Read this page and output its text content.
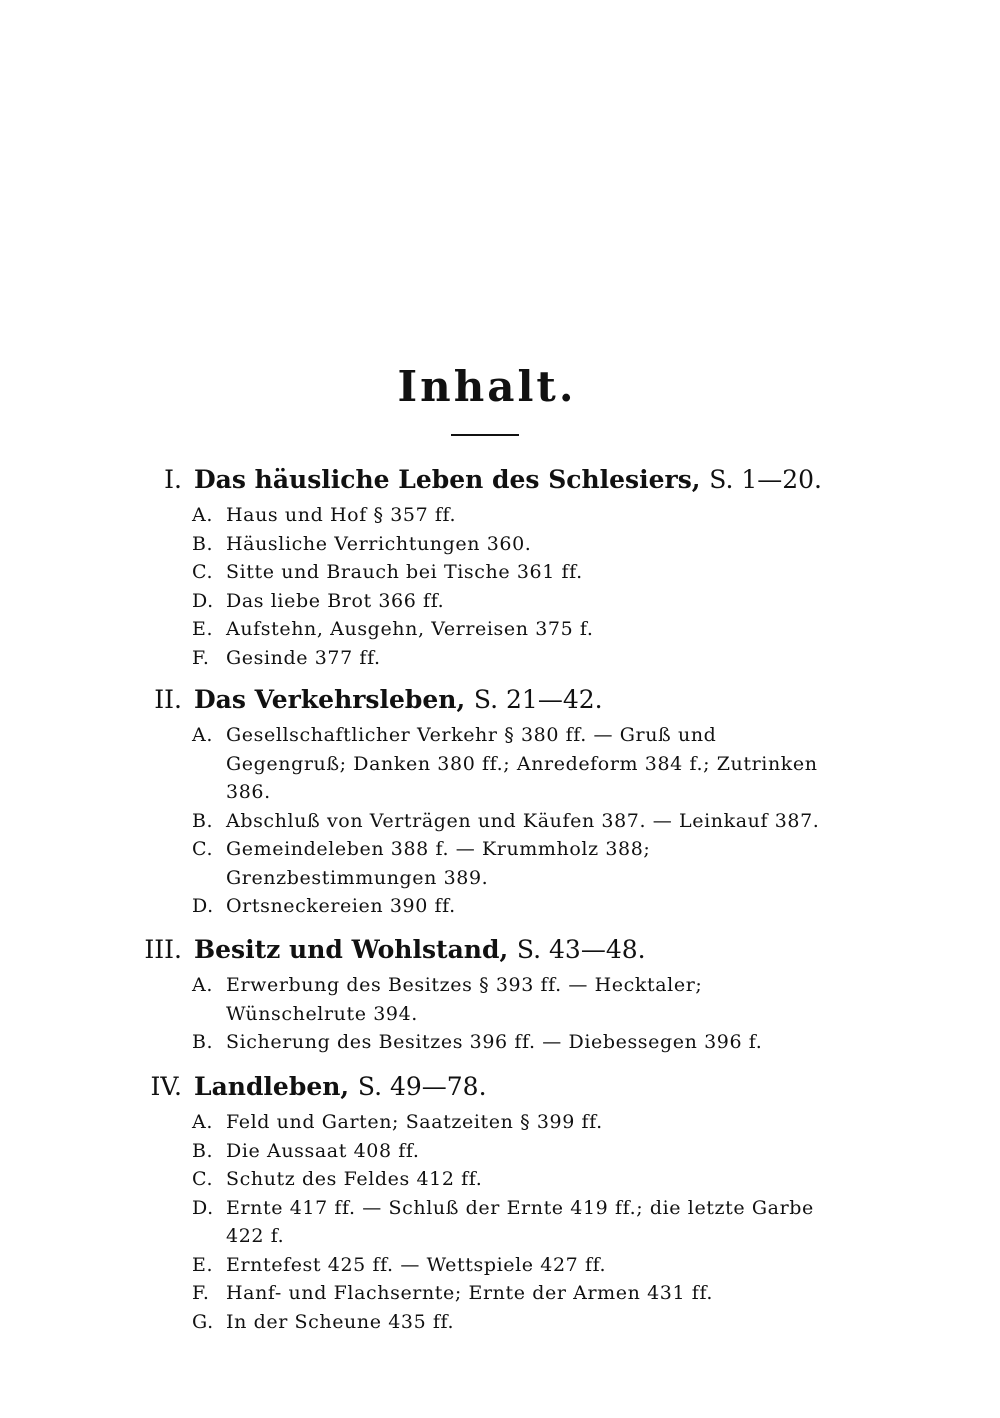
Inhalt.
I. Das häusliche Leben des Schlesiers, S. 1—20.
A. Haus und Hof § 357 ff.
B. Häusliche Verrichtungen 360.
C. Sitte und Brauch bei Tische 361 ff.
D. Das liebe Brot 366 ff.
E. Aufstehn, Ausgehn, Verreisen 375 f.
F. Gesinde 377 ff.
II. Das Verkehrsleben, S. 21—42.
A. Gesellschaftlicher Verkehr § 380 ff. — Gruß und Gegengruß; Danken 380 ff.; Anredeform 384 f.; Zutrinken 386.
B. Abschluß von Verträgen und Käufen 387. — Leinkauf 387.
C. Gemeindeleben 388 f. — Krummholz 388; Grenzbestimmungen 389.
D. Ortsneckereien 390 ff.
III. Besitz und Wohlstand, S. 43—48.
A. Erwerbung des Besitzes § 393 ff. — Hecktaler; Wünschelrute 394.
B. Sicherung des Besitzes 396 ff. — Diebessegen 396 f.
IV. Landleben, S. 49—78.
A. Feld und Garten; Saatzeiten § 399 ff.
B. Die Aussaat 408 ff.
C. Schutz des Feldes 412 ff.
D. Ernte 417 ff. — Schluß der Ernte 419 ff.; die letzte Garbe 422 f.
E. Erntefest 425 ff. — Wettspiele 427 ff.
F. Hanf- und Flachsernte; Ernte der Armen 431 ff.
G. In der Scheune 435 ff.
